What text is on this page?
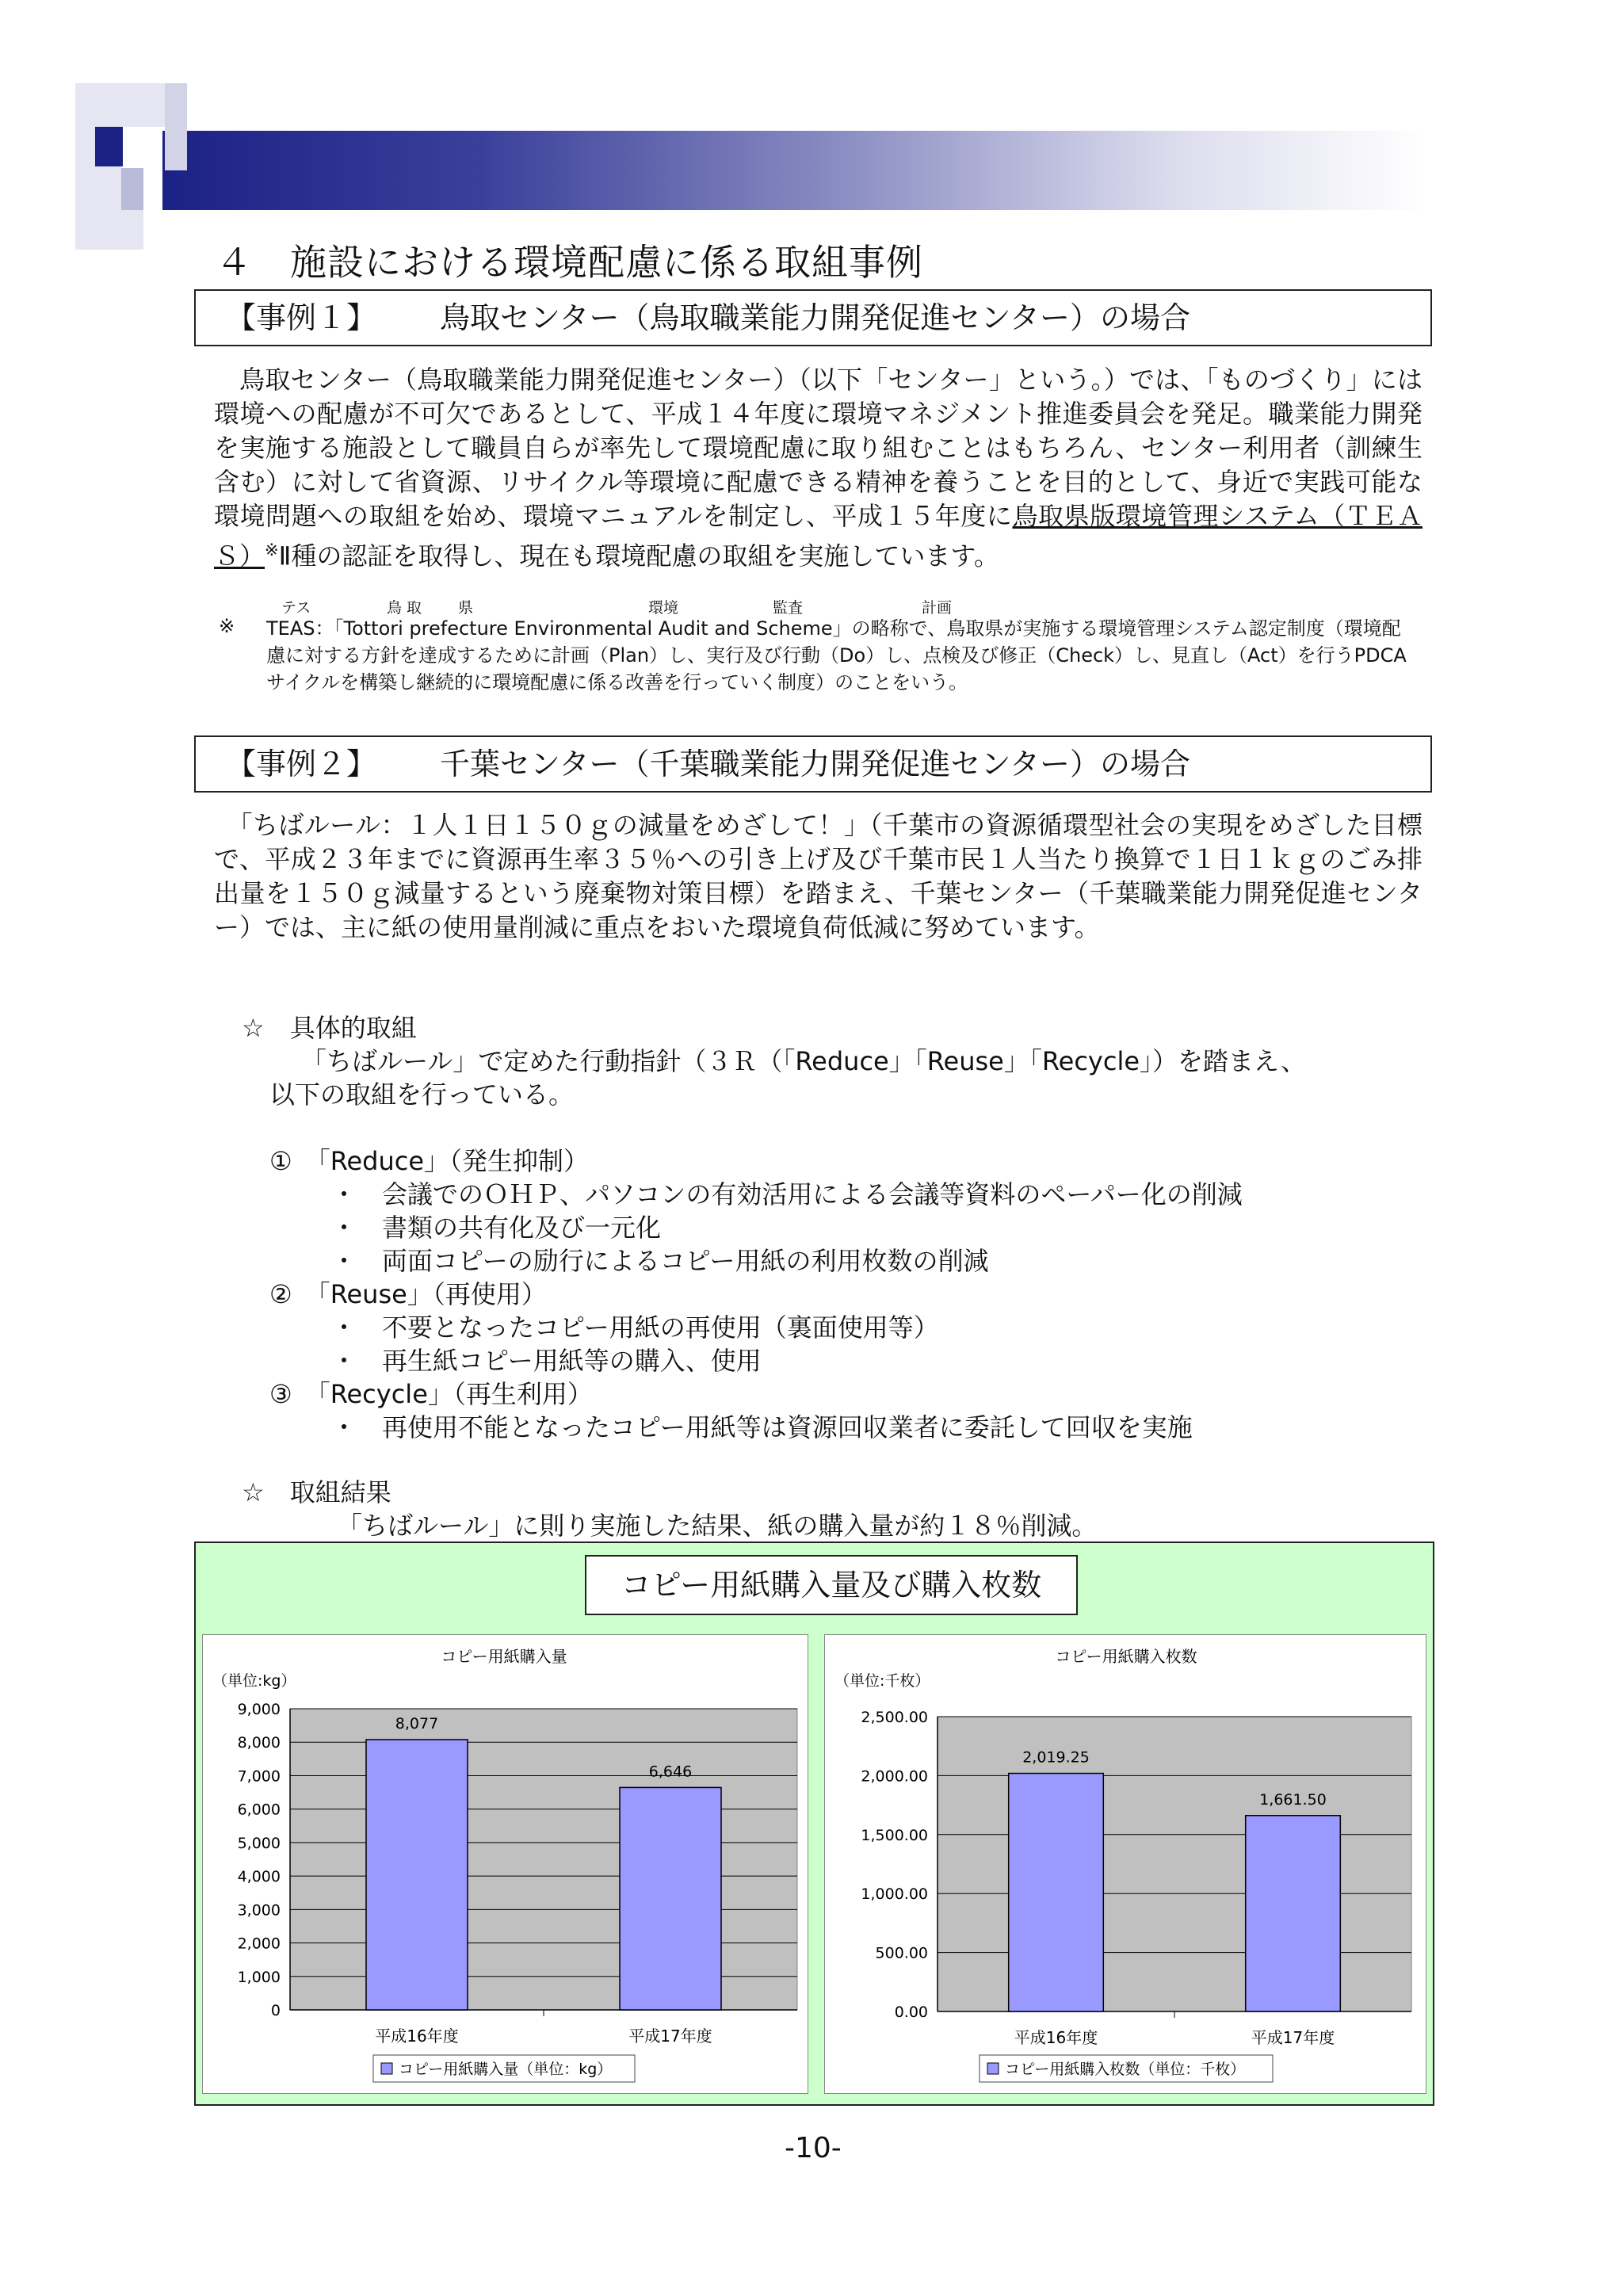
４　施設における環境配慮に係る取組事例
【事例１】 鳥取センター（鳥取職業能力開発促進センター）の場合
　鳥取センター（鳥取職業能力開発促進センター）（以下「センター」という。）では、「ものづくり」には環境への配慮が不可欠であるとして、平成１４年度に環境マネジメント推進委員会を発足。職業能力開発を実施する施設として職員自らが率先して環境配慮に取り組むことはもちろん、センター利用者（訓練生含む）に対して省資源、リサイクル等環境に配慮できる精神を養うことを目的として、身近で実践可能な環境問題への取組を始め、環境マニュアルを制定し、平成１５年度に鳥取県版環境管理システム（ＴＥＡＳ）※Ⅱ種の認証を取得し、現在も環境配慮の取組を実施しています。
テス	鳥 取 県	環境	監査	計画
※ TEAS：「Tottori prefecture Environmental Audit and Scheme」の略称で、鳥取県が実施する環境管理システム認定制度（環境配慮に対する方針を達成するために計画（Plan）し、実行及び行動（Do）し、点検及び修正（Check）し、見直し（Act）を行うPDCAサイクルを構築し継続的に環境配慮に係る改善を行っていく制度）のことをいう。
【事例２】 千葉センター（千葉職業能力開発促進センター）の場合
　「ちばルール：１人１日１５０ｇの減量をめざして！」（千葉市の資源循環型社会の実現をめざした目標で、平成２３年までに資源再生率３５％への引き上げ及び千葉市民１人当たり換算で１日１ｋｇのごみ排出量を１５０ｇ減量するという廃棄物対策目標）を踏まえ、千葉センター（千葉職業能力開発促進センター）では、主に紙の使用量削減に重点をおいた環境負荷低減に努めています。
☆　具体的取組
「ちばルール」で定めた行動指針（３Ｒ（「Reduce」「Reuse」「Recycle」）を踏まえ、
以下の取組を行っている。
①　「Reduce」（発生抑制）
・　会議でのＯＨＰ、パソコンの有効活用による会議等資料のペーパー化の削減
・　書類の共有化及び一元化
・　両面コピーの励行によるコピー用紙の利用枚数の削減
②　「Reuse」（再使用）
・　不要となったコピー用紙の再使用（裏面使用等）
・　再生紙コピー用紙等の購入、使用
③　「Recycle」（再生利用）
・　再使用不能となったコピー用紙等は資源回収業者に委託して回収を実施
☆　取組結果
「ちばルール」に則り実施した結果、紙の購入量が約１８％削減。
コピー用紙購入量及び購入枚数
コピー用紙購入量
（単位:kg）
0
1,000
2,000
3,000
4,000
5,000
6,000
7,000
8,000
9,000
8,077
平成16年度
6,646
平成17年度
コピー用紙購入量（単位：kg）
コピー用紙購入枚数
（単位:千枚）
0.00
500.00
1,000.00
1,500.00
2,000.00
2,500.00
2,019.25
平成16年度
1,661.50
平成17年度
コピー用紙購入枚数（単位：千枚）
-10-
